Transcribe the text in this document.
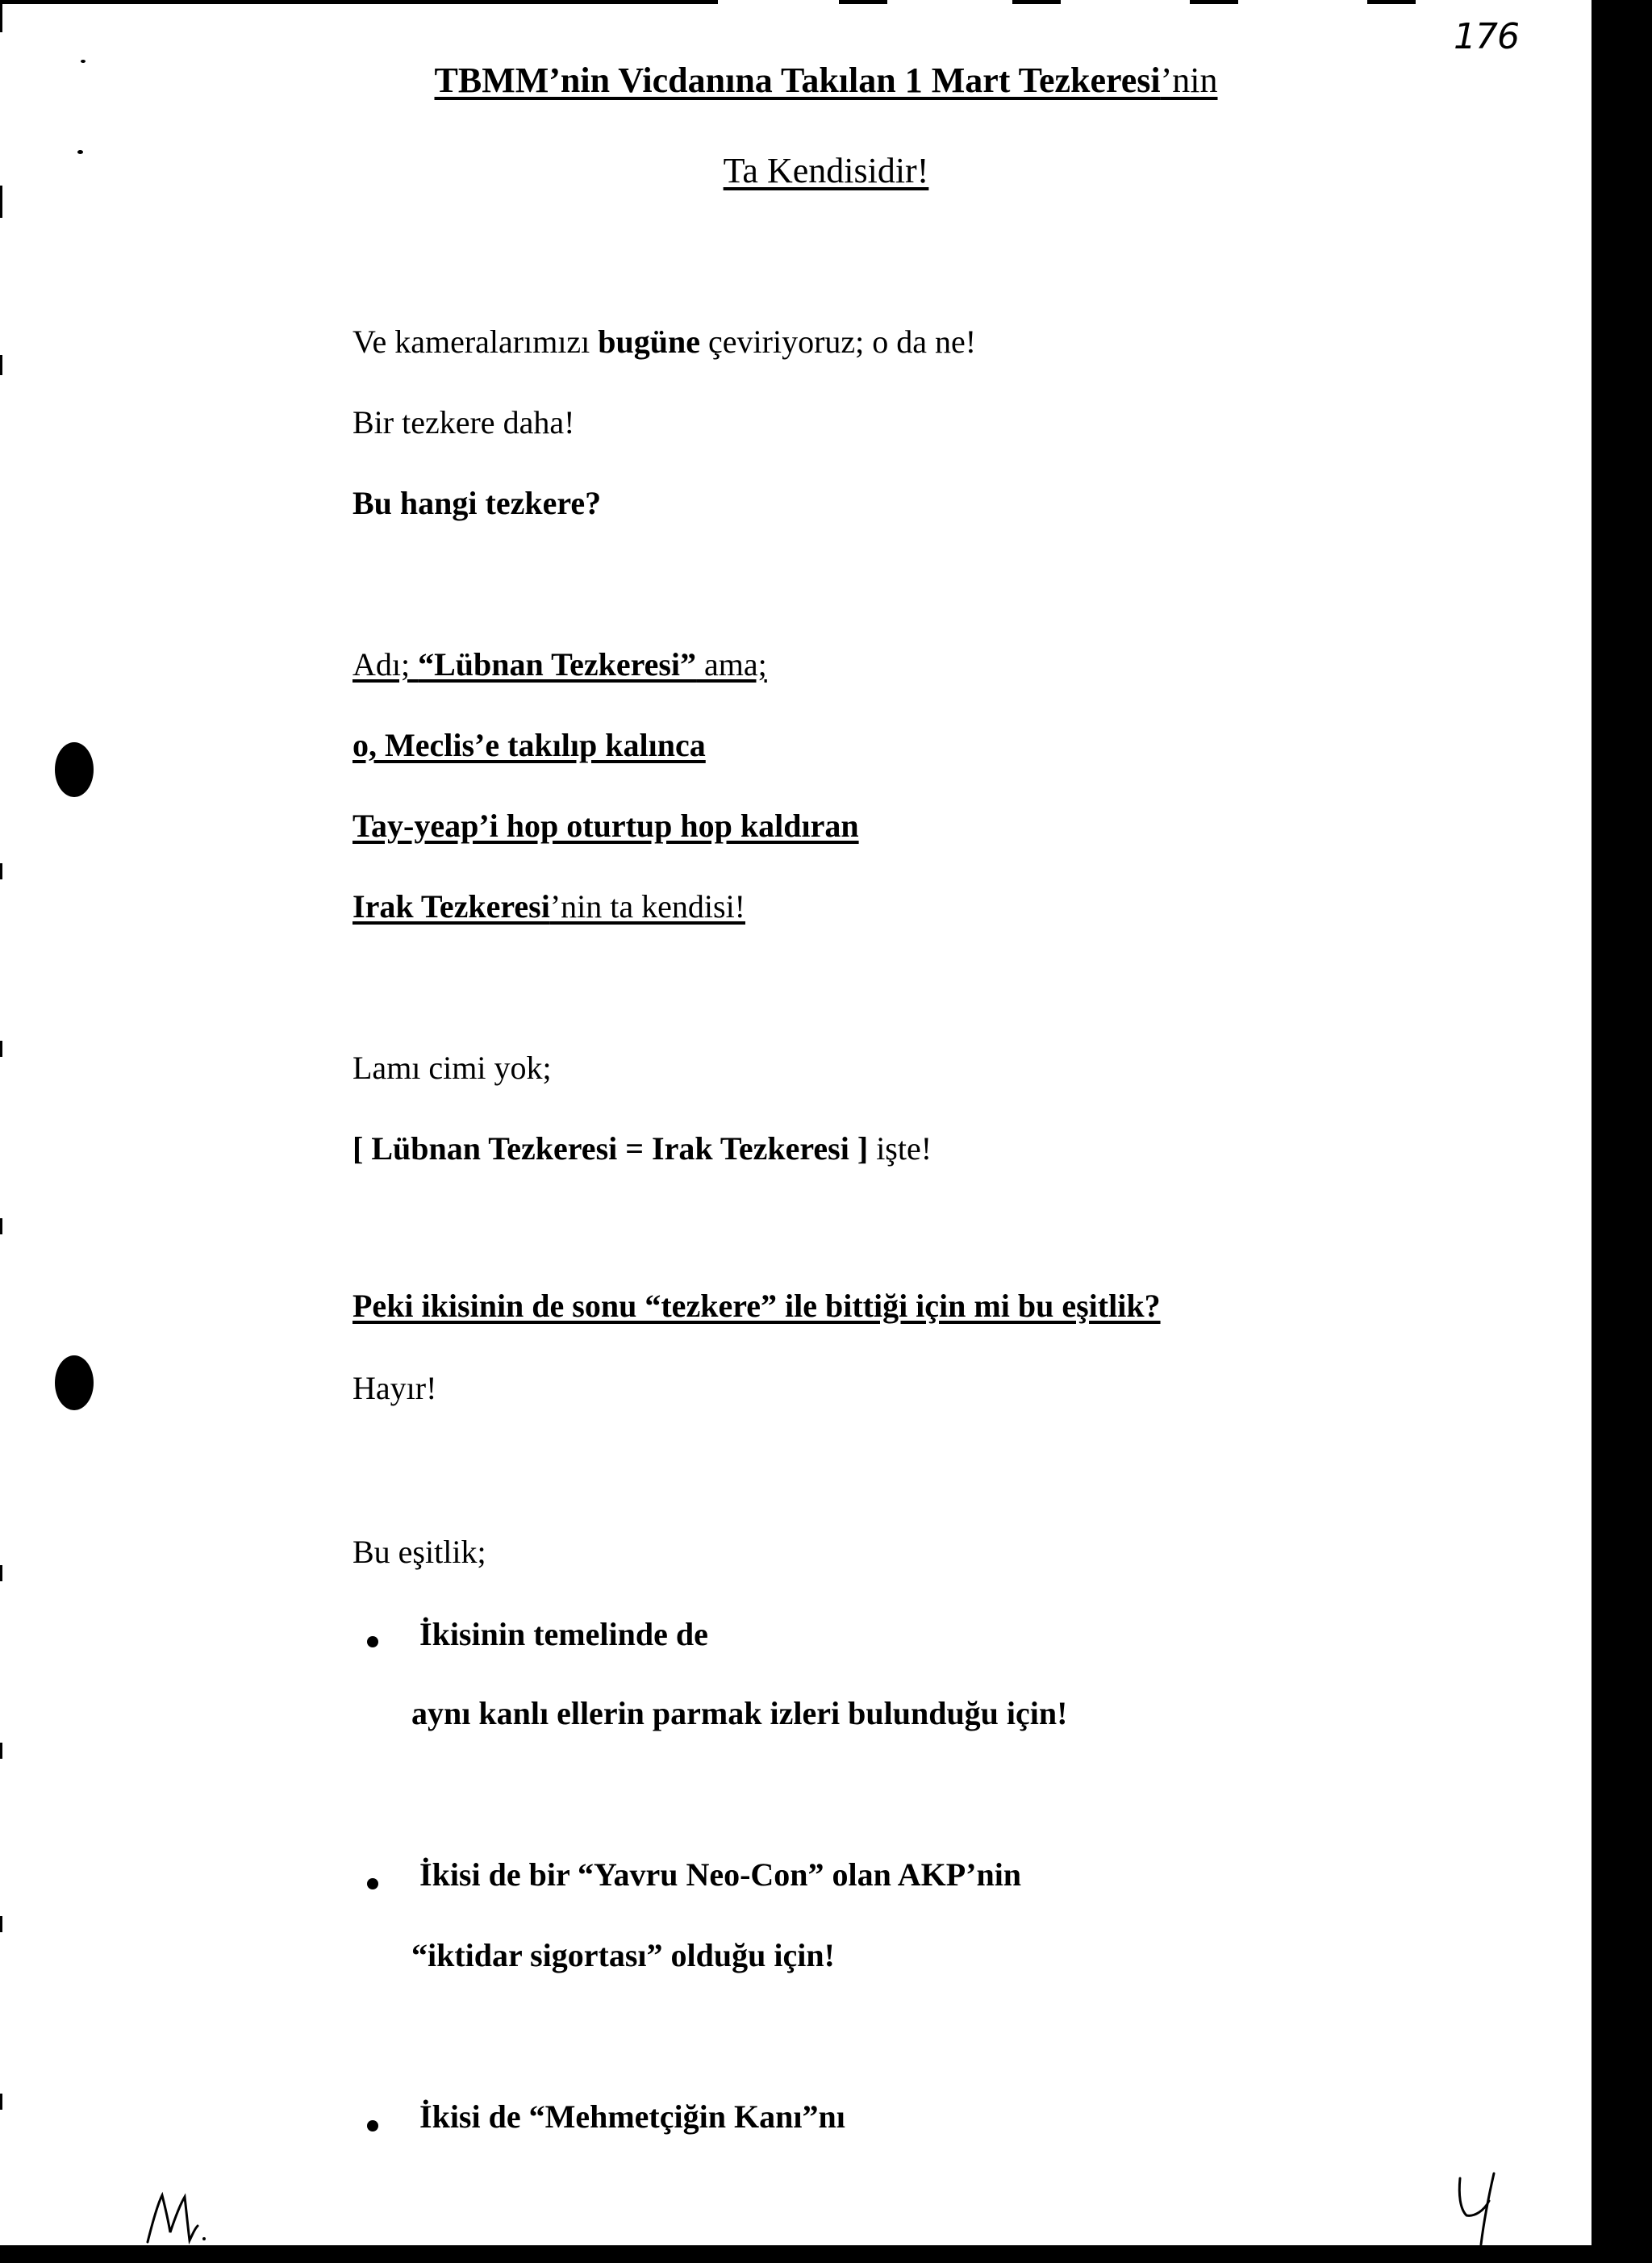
176
TBMM’nin Vicdanına Takılan 1 Mart Tezkeresi’nin
Ta Kendisidir!
Ve kameralarımızı bugüne çeviriyoruz; o da ne!
Bir tezkere daha!
Bu hangi tezkere?
Adı; “Lübnan Tezkeresi” ama;
o, Meclis’e takılıp kalınca
Tay-yeap’i hop oturtup hop kaldıran
Irak Tezkeresi’nin ta kendisi!
Lamı cimi yok;
[ Lübnan Tezkeresi = Irak Tezkeresi ] işte!
Peki ikisinin de sonu “tezkere” ile bittiği için mi bu eşitlik?
Hayır!
Bu eşitlik;
İkisinin temelinde de
aynı kanlı ellerin parmak izleri bulunduğu için!
İkisi de bir “Yavru Neo-Con” olan AKP’nin
“iktidar sigortası” olduğu için!
İkisi de “Mehmetçiğin Kanı”nı
